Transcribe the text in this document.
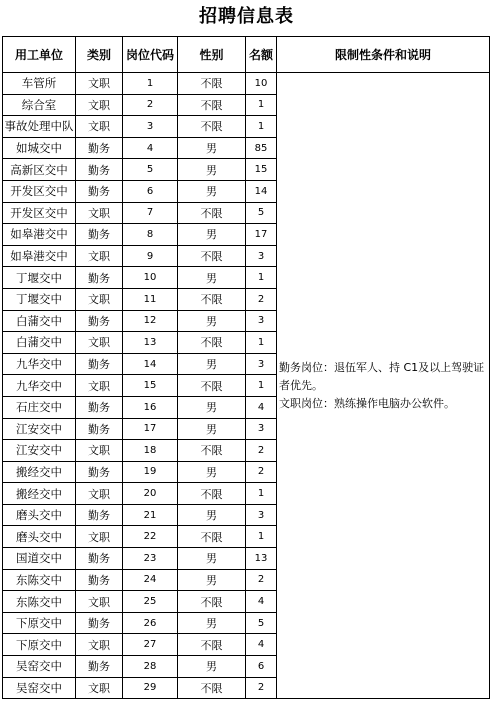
招聘信息表
用工单位	类别	岗位代码	性别	名额	限制性条件和说明
车管所	文职	1	不限	10	勤务岗位：退伍军人、持 C1及以上驾驶证者优先。
文职岗位：熟练操作电脑办公软件。

综合室	文职	2	不限	1	
事故处理中队	文职	3	不限	1	
如城交中	勤务	4	男	85	
高新区交中	勤务	5	男	15	
开发区交中	勤务	6	男	14	
开发区交中	文职	7	不限	5	
如皋港交中	勤务	8	男	17	
如皋港交中	文职	9	不限	3	
丁堰交中	勤务	10	男	1	
丁堰交中	文职	11	不限	2	
白蒲交中	勤务	12	男	3	
白蒲交中	文职	13	不限	1	
九华交中	勤务	14	男	3	
九华交中	文职	15	不限	1	
石庄交中	勤务	16	男	4	
江安交中	勤务	17	男	3	
江安交中	文职	18	不限	2	
搬经交中	勤务	19	男	2	
搬经交中	文职	20	不限	1	
磨头交中	勤务	21	男	3	
磨头交中	文职	22	不限	1	
国道交中	勤务	23	男	13	
东陈交中	勤务	24	男	2	
东陈交中	文职	25	不限	4	
下原交中	勤务	26	男	5	
下原交中	文职	27	不限	4	
吴窑交中	勤务	28	男	6	
吴窑交中	文职	29	不限	2	
